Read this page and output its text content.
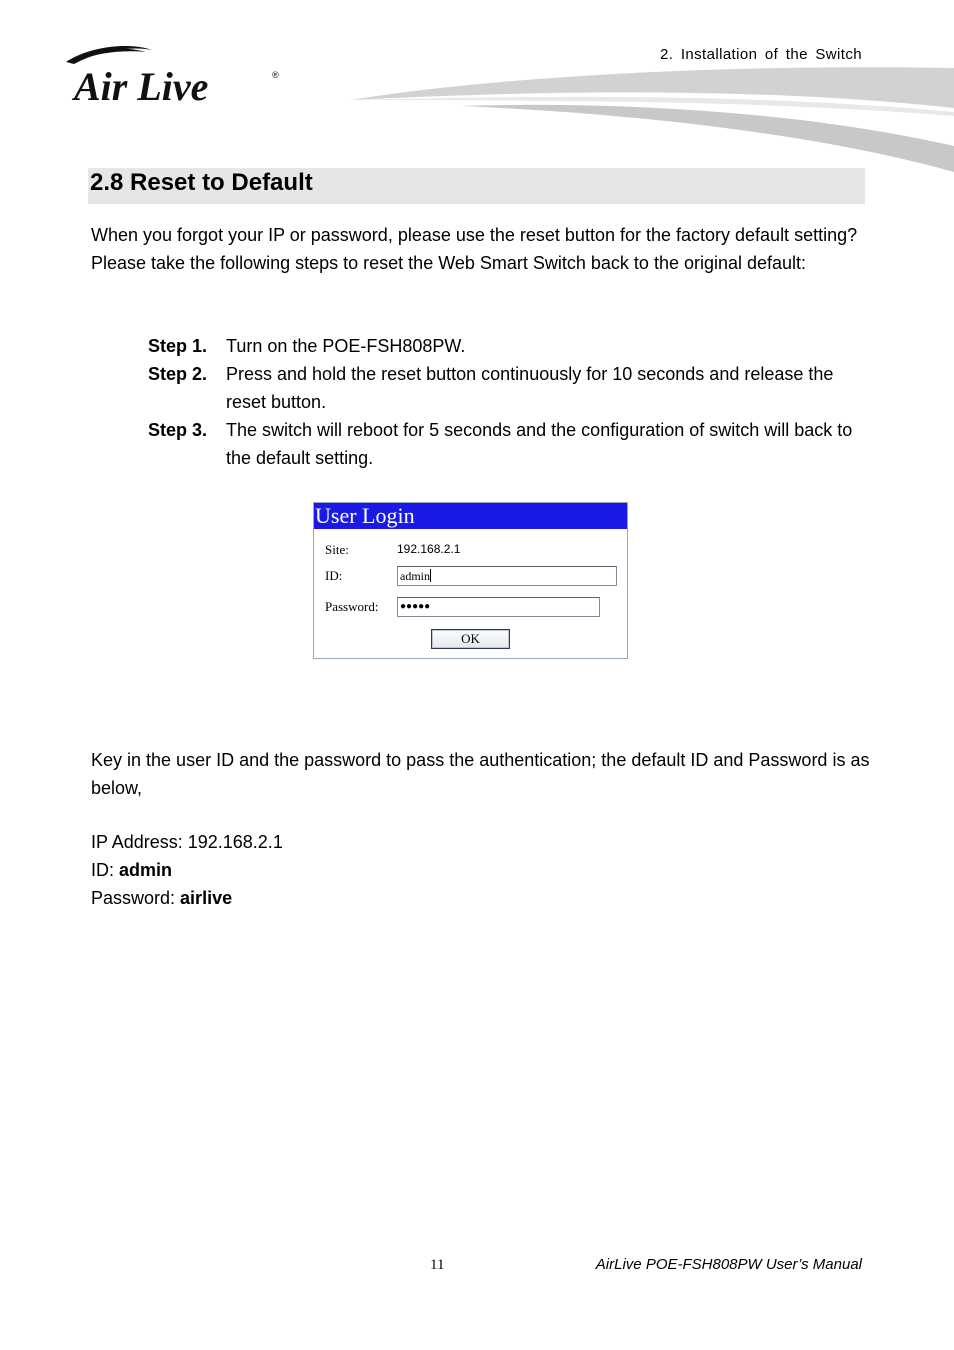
Air Live	®
2. Installation of the Switch
2.8 Reset to Default
When you forgot your IP or password, please use the reset button for the factory default setting? Please take the following steps to reset the Web Smart Switch back to the original default:
Step 1.	Turn on the POE-FSH808PW.
Step 2.	Press and hold the reset button continuously for 10 seconds and release the reset button.
Step 3.	The switch will reboot for 5 seconds and the configuration of switch will back to the default setting.
User Login
Site:	192.168.2.1
ID:	admin
Password:	●●●●●
OK
Key in the user ID and the password to pass the authentication; the default ID and Password is as below,
IP Address: 192.168.2.1
ID: admin
Password: airlive
11	AirLive POE-FSH808PW User’s Manual
